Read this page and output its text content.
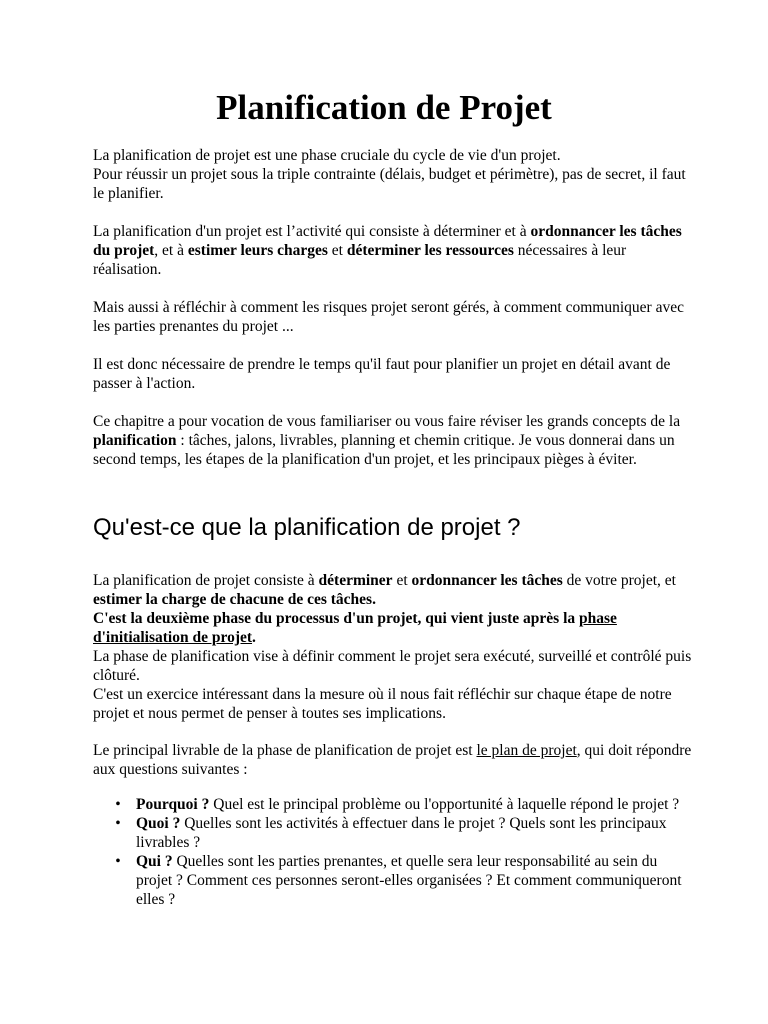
Planification de Projet

La planification de projet est une phase cruciale du cycle de vie d'un projet.
Pour réussir un projet sous la triple contrainte (délais, budget et périmètre), pas de secret, il faut le planifier.

La planification d'un projet est l’activité qui consiste à déterminer et à ordonnancer les tâches du projet, et à estimer leurs charges et déterminer les ressources nécessaires à leur réalisation.

Mais aussi à réfléchir à comment les risques projet seront gérés, à comment communiquer avec les parties prenantes du projet ...

Il est donc nécessaire de prendre le temps qu'il faut pour planifier un projet en détail avant de passer à l'action.

Ce chapitre a pour vocation de vous familiariser ou vous faire réviser les grands concepts de la planification : tâches, jalons, livrables, planning et chemin critique. Je vous donnerai dans un second temps, les étapes de la planification d'un projet, et les principaux pièges à éviter.

Qu'est-ce que la planification de projet ?

La planification de projet consiste à déterminer et ordonnancer les tâches de votre projet, et estimer la charge de chacune de ces tâches.
C'est la deuxième phase du processus d'un projet, qui vient juste après la phase d'initialisation de projet.
La phase de planification vise à définir comment le projet sera exécuté, surveillé et contrôlé puis clôturé.
C'est un exercice intéressant dans la mesure où il nous fait réfléchir sur chaque étape de notre projet et nous permet de penser à toutes ses implications.

Le principal livrable de la phase de planification de projet est le plan de projet, qui doit répondre aux questions suivantes :

• Pourquoi ? Quel est le principal problème ou l'opportunité à laquelle répond le projet ?
• Quoi ? Quelles sont les activités à effectuer dans le projet ? Quels sont les principaux livrables ?
• Qui ? Quelles sont les parties prenantes, et quelle sera leur responsabilité au sein du projet ? Comment ces personnes seront-elles organisées ? Et comment communiqueront elles ?
